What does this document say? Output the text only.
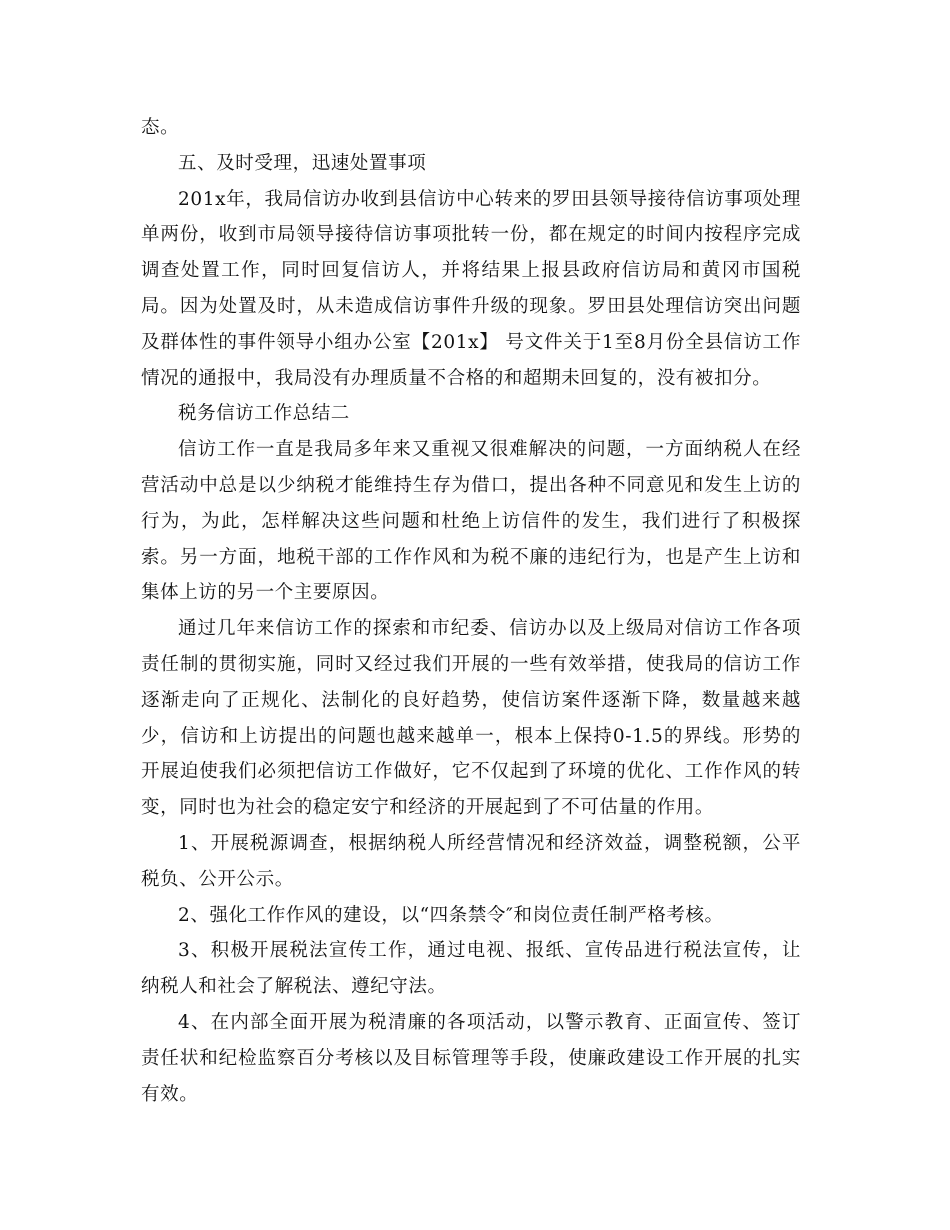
态。

五、及时受理，迅速处置事项

201x年，我局信访办收到县信访中心转来的罗田县领导接待信访事项处理单两份，收到市局领导接待信访事项批转一份，都在规定的时间内按程序完成调查处置工作，同时回复信访人，并将结果上报县政府信访局和黄冈市国税局。因为处置及时，从未造成信访事件升级的现象。罗田县处理信访突出问题及群体性的事件领导小组办公室【201x】 号文件关于1至8月份全县信访工作情况的通报中，我局没有办理质量不合格的和超期未回复的，没有被扣分。

税务信访工作总结二

信访工作一直是我局多年来又重视又很难解决的问题，一方面纳税人在经营活动中总是以少纳税才能维持生存为借口，提出各种不同意见和发生上访的行为，为此，怎样解决这些问题和杜绝上访信件的发生，我们进行了积极探索。另一方面，地税干部的工作作风和为税不廉的违纪行为，也是产生上访和集体上访的另一个主要原因。

通过几年来信访工作的探索和市纪委、信访办以及上级局对信访工作各项责任制的贯彻实施，同时又经过我们开展的一些有效举措，使我局的信访工作逐渐走向了正规化、法制化的良好趋势，使信访案件逐渐下降，数量越来越少，信访和上访提出的问题也越来越单一，根本上保持0-1.5的界线。形势的开展迫使我们必须把信访工作做好，它不仅起到了环境的优化、工作作风的转变，同时也为社会的稳定安宁和经济的开展起到了不可估量的作用。

1、开展税源调查，根据纳税人所经营情况和经济效益，调整税额，公平税负、公开公示。

2、强化工作作风的建设，以“四条禁令″和岗位责任制严格考核。

3、积极开展税法宣传工作，通过电视、报纸、宣传品进行税法宣传，让纳税人和社会了解税法、遵纪守法。

4、在内部全面开展为税清廉的各项活动，以警示教育、正面宣传、签订责任状和纪检监察百分考核以及目标管理等手段，使廉政建设工作开展的扎实有效。
